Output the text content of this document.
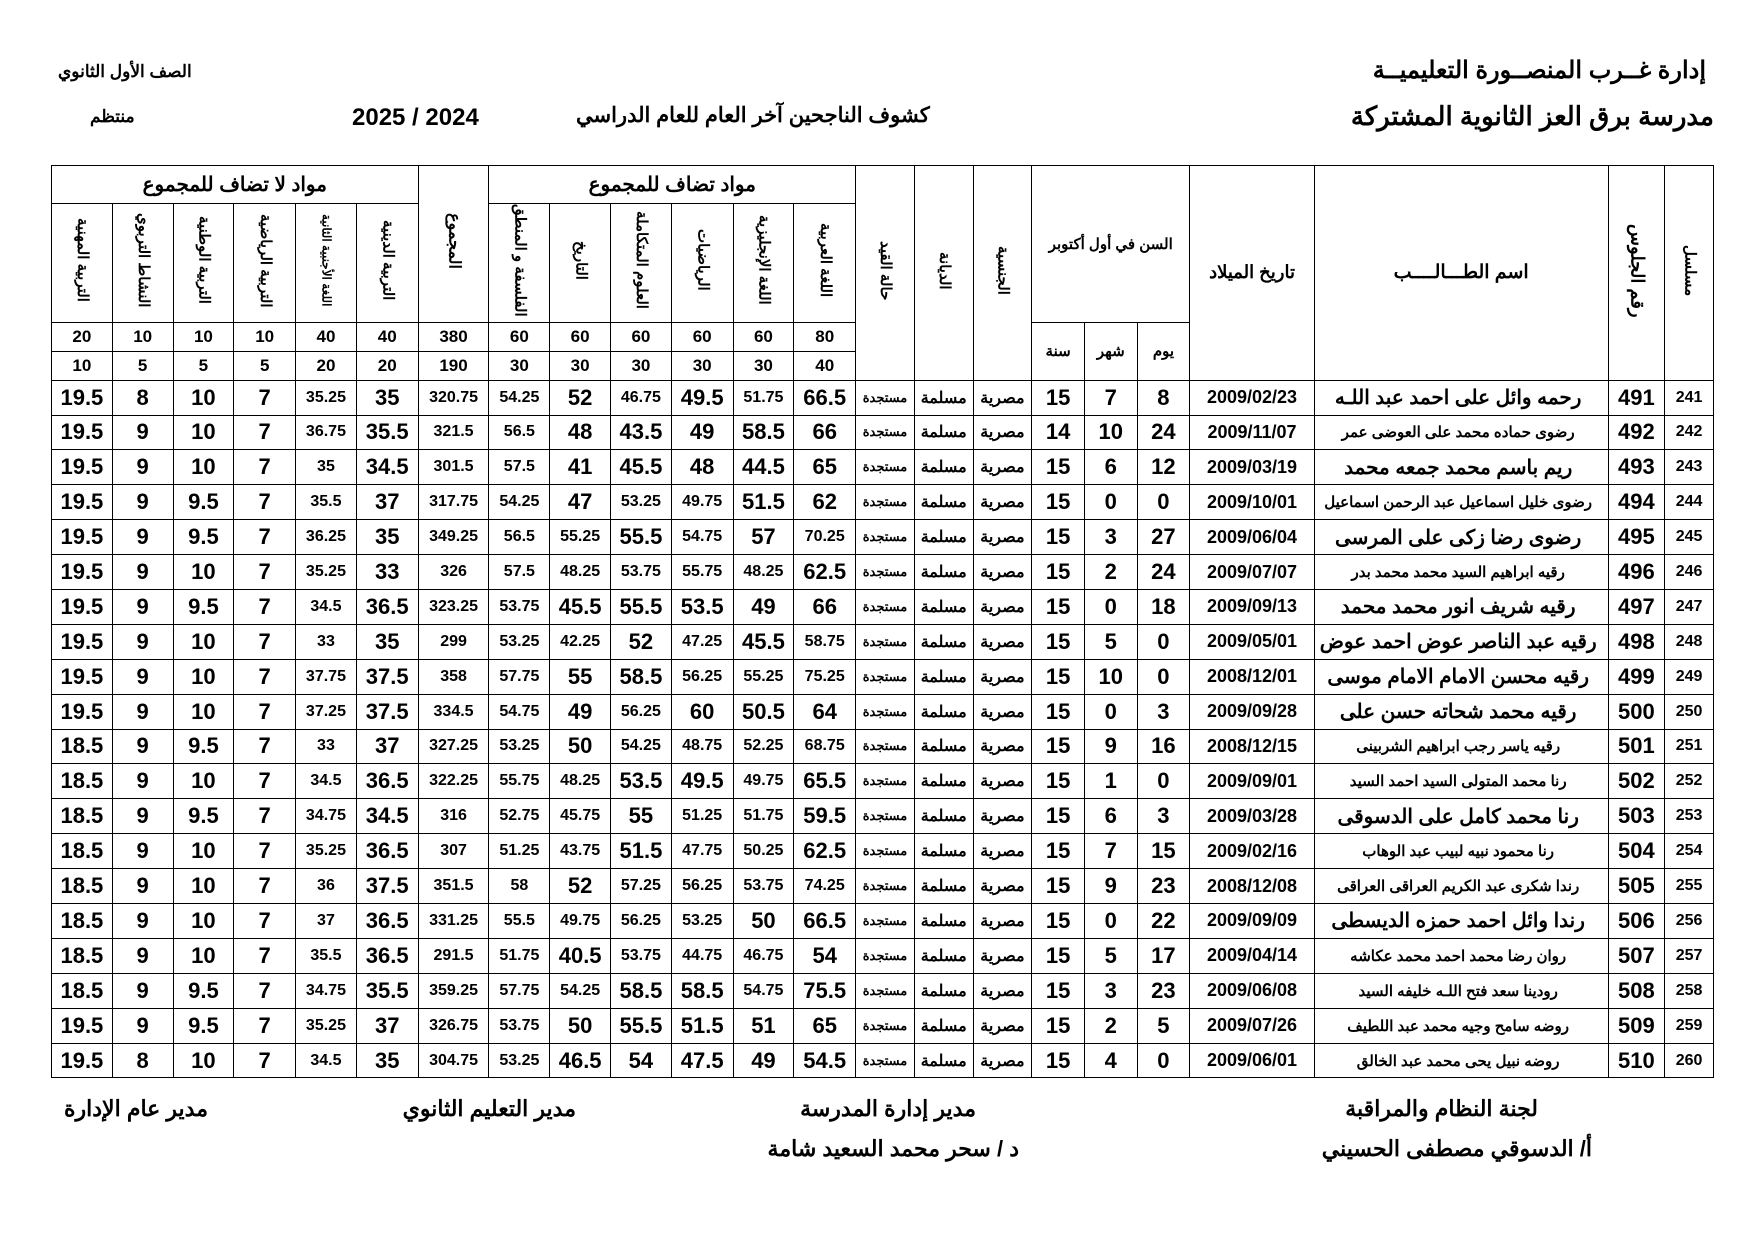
إدارة غــرب المنصــورة التعليميــة
مدرسة برق العز الثانوية المشتركة
كشوف الناجحين آخر العام للعام الدراسي
2025 / 2024
الصف الأول الثانوي
منتظم
مواد لا تضاف للمجموع						المجموع	مواد تضاف للمجموع						حالة القيد	الديانة	الجنسية	السن في أول أكتوبر			تاريخ الميلاد	اسم الطـــالــــب	رقم الجلوس	مسلسل
التربية المهنية	النشاط التربوي	التربية الوطنية	التربية الرياضية	اللغة الأجنبية الثانية	التربية الدينية		الفلسفة و المنطق	التاريخ	العلوم المتكاملة	الرياضيات	اللغة الإنجليزية	اللغة العربية										
20	10	10	10	40	40	380	60	60	60	60	60	80				سنة	شهر	يوم				
10	5	5	5	20	20	190	30	30	30	30	30	40										
19.5	8	10	7	35.25	35	320.75	54.25	52	46.75	49.5	51.75	66.5	مستجدة	مسلمة	مصرية	15	7	8	2009/02/23	رحمه وائل على احمد عبد اللـه	491	241
19.5	9	10	7	36.75	35.5	321.5	56.5	48	43.5	49	58.5	66	مستجدة	مسلمة	مصرية	14	10	24	2009/11/07	رضوى حماده محمد على العوضى عمر	492	242
19.5	9	10	7	35	34.5	301.5	57.5	41	45.5	48	44.5	65	مستجدة	مسلمة	مصرية	15	6	12	2009/03/19	ريم باسم محمد جمعه محمد	493	243
19.5	9	9.5	7	35.5	37	317.75	54.25	47	53.25	49.75	51.5	62	مستجدة	مسلمة	مصرية	15	0	0	2009/10/01	رضوى خليل اسماعيل عبد الرحمن اسماعيل	494	244
19.5	9	9.5	7	36.25	35	349.25	56.5	55.25	55.5	54.75	57	70.25	مستجدة	مسلمة	مصرية	15	3	27	2009/06/04	رضوى رضا زكى على المرسى	495	245
19.5	9	10	7	35.25	33	326	57.5	48.25	53.75	55.75	48.25	62.5	مستجدة	مسلمة	مصرية	15	2	24	2009/07/07	رقيه ابراهيم السيد محمد محمد بدر	496	246
19.5	9	9.5	7	34.5	36.5	323.25	53.75	45.5	55.5	53.5	49	66	مستجدة	مسلمة	مصرية	15	0	18	2009/09/13	رقيه شريف انور محمد محمد	497	247
19.5	9	10	7	33	35	299	53.25	42.25	52	47.25	45.5	58.75	مستجدة	مسلمة	مصرية	15	5	0	2009/05/01	رقيه عبد الناصر عوض احمد عوض	498	248
19.5	9	10	7	37.75	37.5	358	57.75	55	58.5	56.25	55.25	75.25	مستجدة	مسلمة	مصرية	15	10	0	2008/12/01	رقيه محسن الامام الامام موسى	499	249
19.5	9	10	7	37.25	37.5	334.5	54.75	49	56.25	60	50.5	64	مستجدة	مسلمة	مصرية	15	0	3	2009/09/28	رقيه محمد شحاته حسن على	500	250
18.5	9	9.5	7	33	37	327.25	53.25	50	54.25	48.75	52.25	68.75	مستجدة	مسلمة	مصرية	15	9	16	2008/12/15	رقيه ياسر رجب ابراهيم الشربينى	501	251
18.5	9	10	7	34.5	36.5	322.25	55.75	48.25	53.5	49.5	49.75	65.5	مستجدة	مسلمة	مصرية	15	1	0	2009/09/01	رنا محمد المتولى السيد احمد السيد	502	252
18.5	9	9.5	7	34.75	34.5	316	52.75	45.75	55	51.25	51.75	59.5	مستجدة	مسلمة	مصرية	15	6	3	2009/03/28	رنا محمد كامل على الدسوقى	503	253
18.5	9	10	7	35.25	36.5	307	51.25	43.75	51.5	47.75	50.25	62.5	مستجدة	مسلمة	مصرية	15	7	15	2009/02/16	رنا محمود نبيه لبيب عبد الوهاب	504	254
18.5	9	10	7	36	37.5	351.5	58	52	57.25	56.25	53.75	74.25	مستجدة	مسلمة	مصرية	15	9	23	2008/12/08	رندا شكرى عبد الكريم العراقى العراقى	505	255
18.5	9	10	7	37	36.5	331.25	55.5	49.75	56.25	53.25	50	66.5	مستجدة	مسلمة	مصرية	15	0	22	2009/09/09	رندا وائل احمد حمزه الديسطى	506	256
18.5	9	10	7	35.5	36.5	291.5	51.75	40.5	53.75	44.75	46.75	54	مستجدة	مسلمة	مصرية	15	5	17	2009/04/14	روان رضا محمد احمد محمد عكاشه	507	257
18.5	9	9.5	7	34.75	35.5	359.25	57.75	54.25	58.5	58.5	54.75	75.5	مستجدة	مسلمة	مصرية	15	3	23	2009/06/08	رودينا سعد فتح اللـه خليفه السيد	508	258
19.5	9	9.5	7	35.25	37	326.75	53.75	50	55.5	51.5	51	65	مستجدة	مسلمة	مصرية	15	2	5	2009/07/26	روضه سامح وجيه محمد عبد اللطيف	509	259
19.5	8	10	7	34.5	35	304.75	53.25	46.5	54	47.5	49	54.5	مستجدة	مسلمة	مصرية	15	4	0	2009/06/01	روضه نبيل يحى محمد عبد الخالق	510	260
لجنة النظام والمراقبة
أ/ الدسوقي مصطفى الحسيني
مدير إدارة المدرسة
د / سحر محمد السعيد شامة
مدير التعليم الثانوي
مدير عام الإدارة
